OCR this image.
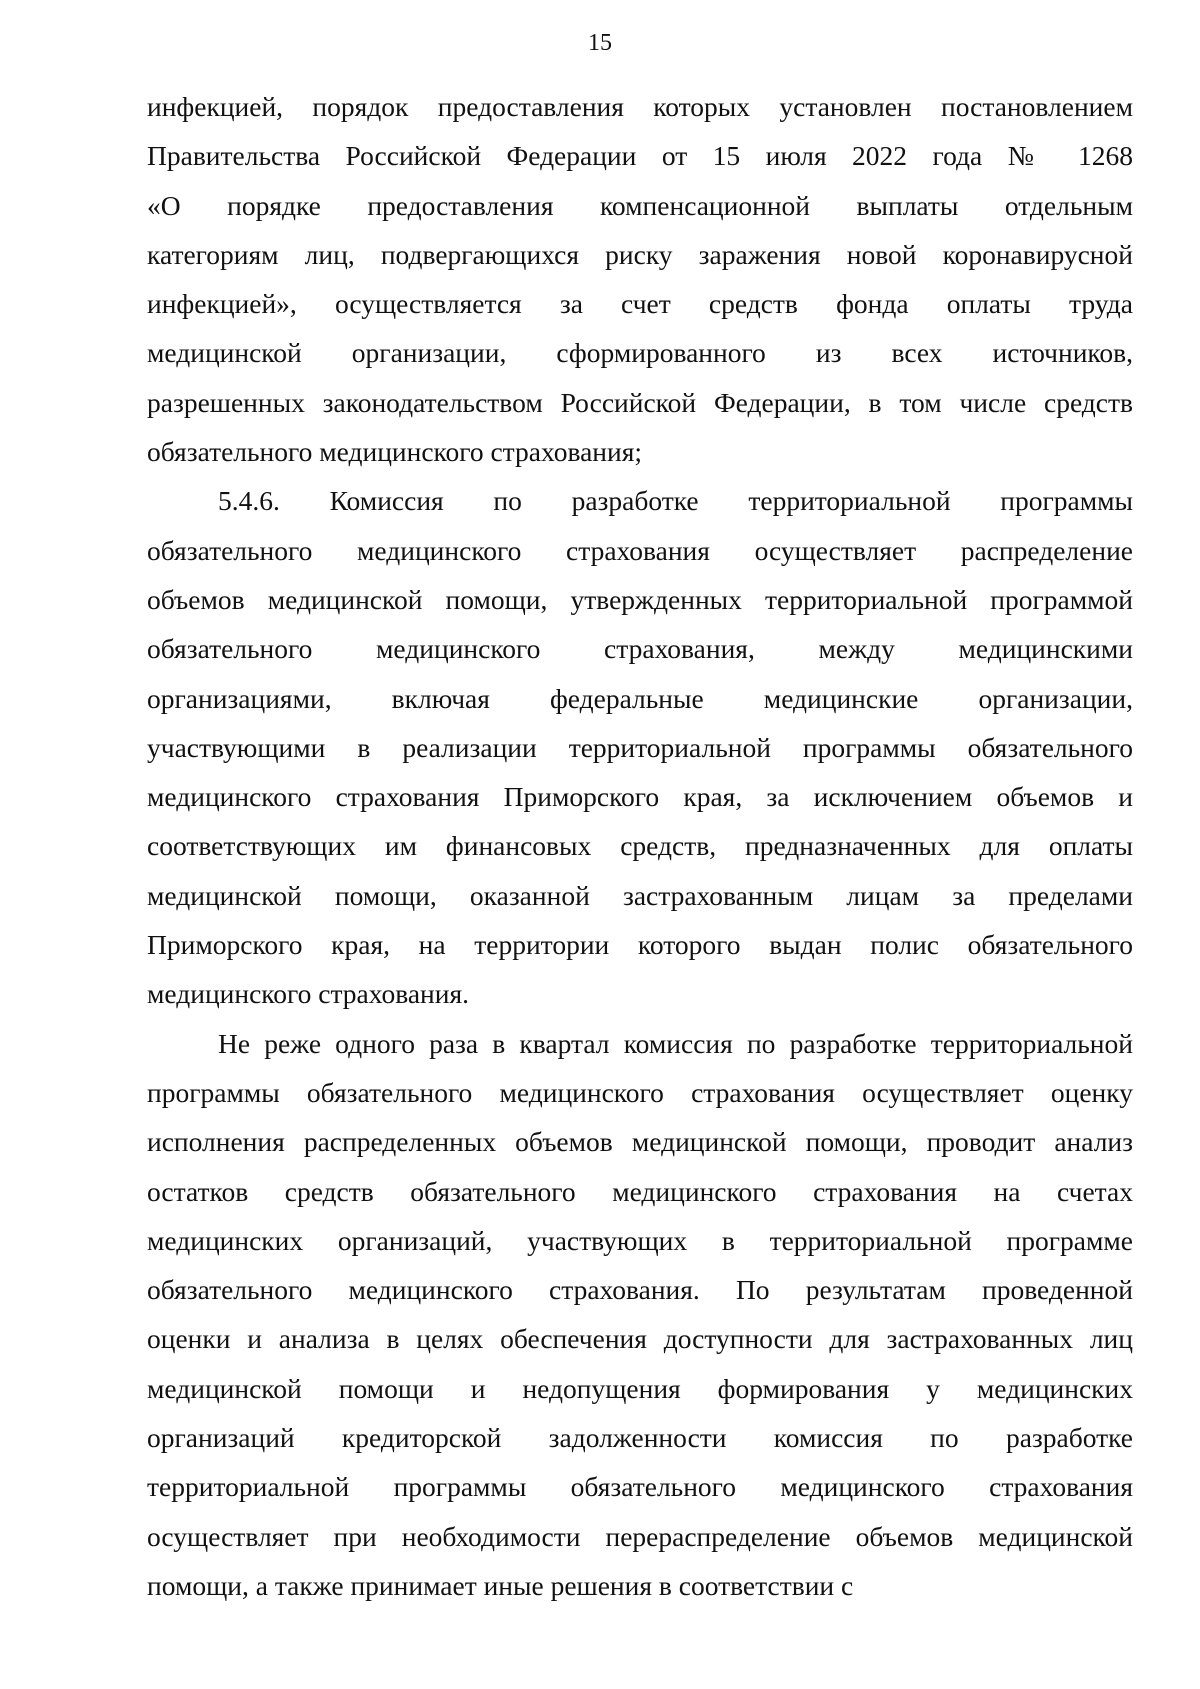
15
инфекцией, порядок предоставления которых установлен постановлением
Правительства Российской Федерации от 15 июля 2022 года № 1268
«О порядке предоставления компенсационной выплаты отдельным
категориям лиц, подвергающихся риску заражения новой коронавирусной
инфекцией», осуществляется за счет средств фонда оплаты труда
медицинской организации, сформированного из всех источников,
разрешенных законодательством Российской Федерации, в том числе средств
обязательного медицинского страхования;
5.4.6. Комиссия по разработке территориальной программы
обязательного медицинского страхования осуществляет распределение
объемов медицинской помощи, утвержденных территориальной программой
обязательного медицинского страхования, между медицинскими
организациями, включая федеральные медицинские организации,
участвующими в реализации территориальной программы обязательного
медицинского страхования Приморского края, за исключением объемов и
соответствующих им финансовых средств, предназначенных для оплаты
медицинской помощи, оказанной застрахованным лицам за пределами
Приморского края, на территории которого выдан полис обязательного
медицинского страхования.
Не реже одного раза в квартал комиссия по разработке территориальной
программы обязательного медицинского страхования осуществляет оценку
исполнения распределенных объемов медицинской помощи, проводит анализ
остатков средств обязательного медицинского страхования на счетах
медицинских организаций, участвующих в территориальной программе
обязательного медицинского страхования. По результатам проведенной
оценки и анализа в целях обеспечения доступности для застрахованных лиц
медицинской помощи и недопущения формирования у медицинских
организаций кредиторской задолженности комиссия по разработке
территориальной программы обязательного медицинского страхования
осуществляет при необходимости перераспределение объемов медицинской
помощи, а также принимает иные решения в соответствии с
